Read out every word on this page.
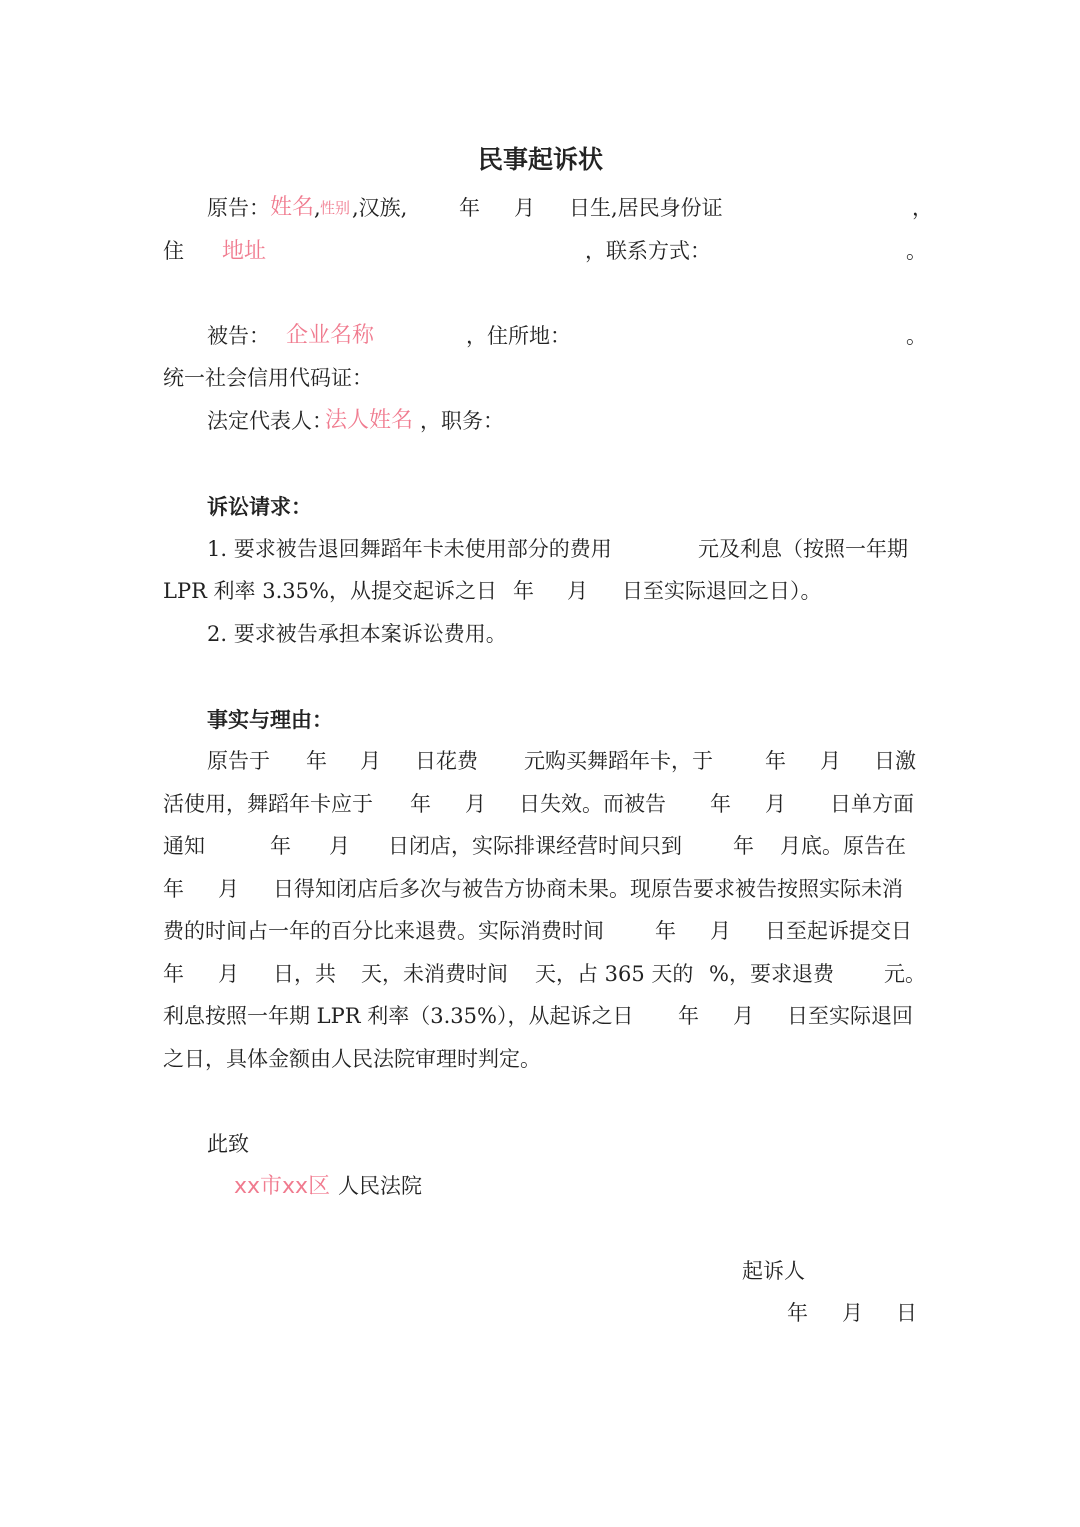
民事起诉状
原告： 姓名 , 性别 ,汉族, 年 月 日生,居民身份证	，
住 地址	，联系方式：	。
被告： 企业名称	，住所地：	。
统一社会信用代码证：
法定代表人：
法人姓名 ，职务：
诉讼请求：
1. 要求被告退回舞蹈年卡未使用部分的费用	元及利息（按照一年期
LPR 利率 3.35%，从提交起诉之日 年 月 日至实际退回之日）。
2. 要求被告承担本案诉讼费用。
事实与理由：
原告于 年 月 日花费 元购买舞蹈年卡，于 年 月 日激
活使用，舞蹈年卡应于 年 月 日失效。而被告 年 月 日单方面
通知	年 月 日闭店，实际排课经营时间只到 年 月底。原告在
年 月 日得知闭店后多次与被告方协商未果。现原告要求被告按照实际未消
费的时间占一年的百分比来退费。实际消费时间 年 月 日至起诉提交日
年 月 日，共 天，未消费时间 天，占 365 天的 %，要求退费 元。
利息按照一年期 LPR 利率（3.35%），从起诉之日 年 月 日至实际退回
之日，具体金额由人民法院审理时判定。
此致
xx市xx区 人民法院
起诉人
年 月 日
